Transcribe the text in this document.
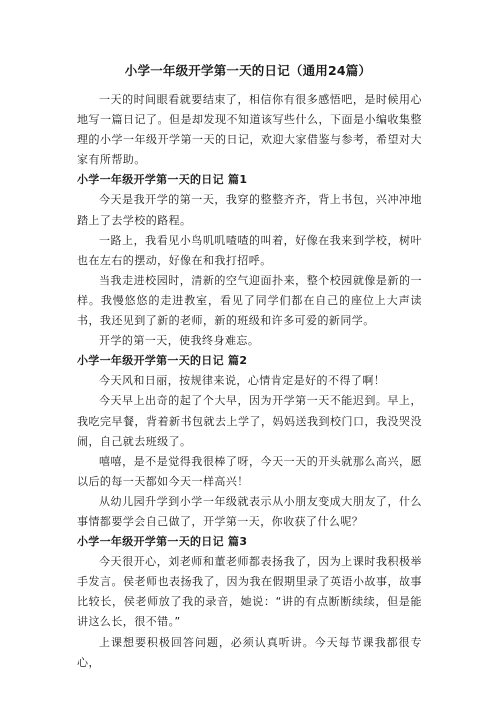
小学一年级开学第一天的日记（通用24篇）

一天的时间眼看就要结束了，相信你有很多感悟吧，是时候用心地写一篇日记了。但是却发现不知道该写些什么，下面是小编收集整理的小学一年级开学第一天的日记，欢迎大家借鉴与参考，希望对大家有所帮助。

小学一年级开学第一天的日记 篇1

今天是我开学的第一天，我穿的整整齐齐，背上书包，兴冲冲地踏上了去学校的路程。

一路上，我看见小鸟叽叽喳喳的叫着，好像在我来到学校，树叶也在左右的摆动，好像在和我打招呼。

当我走进校园时，清新的空气迎面扑来，整个校园就像是新的一样。我慢悠悠的走进教室，看见了同学们都在自己的座位上大声读书，我还见到了新的老师，新的班级和许多可爱的新同学。

开学的第一天，使我终身难忘。

小学一年级开学第一天的日记 篇2

今天风和日丽，按规律来说，心情肯定是好的不得了啊！

今天早上出奇的起了个大早，因为开学第一天不能迟到。早上，我吃完早餐，背着新书包就去上学了，妈妈送我到校门口，我没哭没闹，自己就去班级了。

嘻嘻，是不是觉得我很棒了呀，今天一天的开头就那么高兴，愿以后的每一天都如今天一样高兴！

从幼儿园升学到小学一年级就表示从小朋友变成大朋友了，什么事情都要学会自己做了，开学第一天，你收获了什么呢？

小学一年级开学第一天的日记 篇3

今天很开心，刘老师和董老师都表扬我了，因为上课时我积极举手发言。侯老师也表扬我了，因为我在假期里录了英语小故事，故事比较长，侯老师放了我的录音，她说：“讲的有点断断续续，但是能讲这么长，很不错。”

上课想要积极回答问题，必须认真听讲。今天每节课我都很专心，
